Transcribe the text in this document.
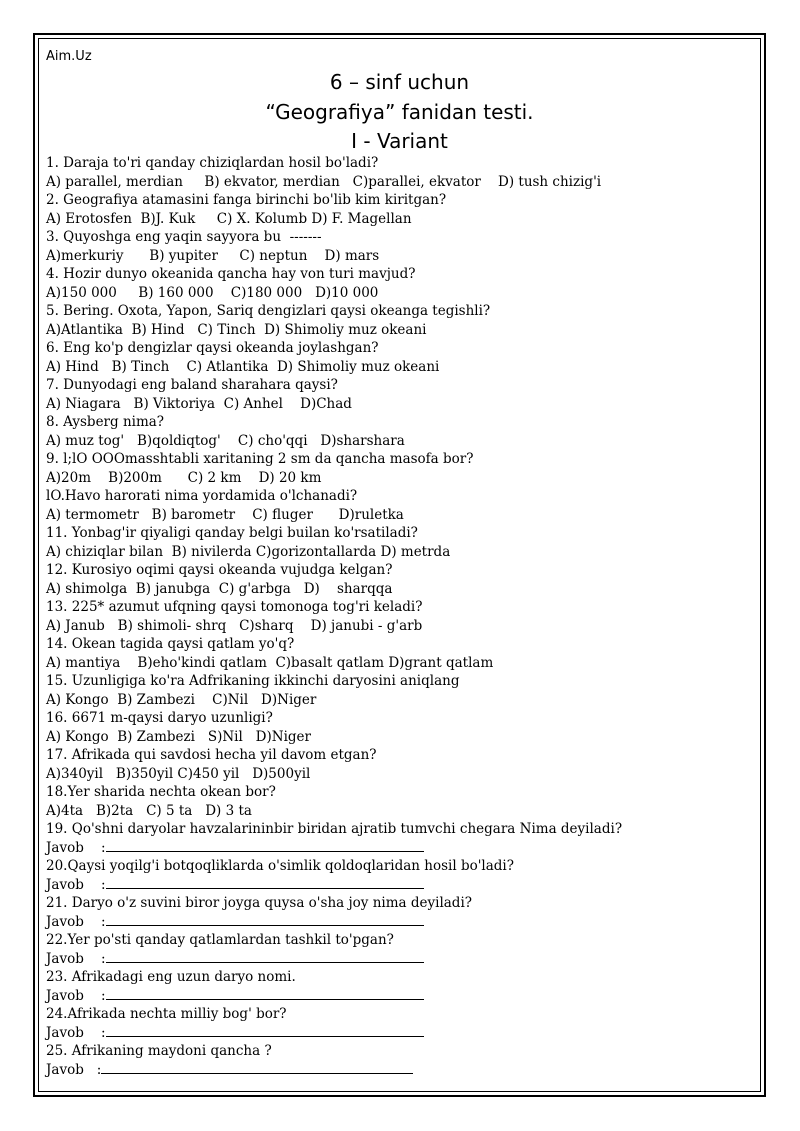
Aim.Uz
6 – sinf uchun
“Geografiya” fanidan testi.
I - Variant
1. Daraja to'ri qanday chiziqlardan hosil bo'ladi?
A) parallel, merdian     B) ekvator, merdian   C)parallei, ekvator    D) tush chizig'i
2. Geografiya atamasini fanga birinchi bo'lib kim kiritgan?
A) Erotosfen  B)J. Kuk     C) X. Kolumb D) F. Magellan
3. Quyoshga eng yaqin sayyora bu  -------
A)merkuriy      B) yupiter     C) neptun    D) mars
4. Hozir dunyo okeanida qancha hay von turi mavjud?
A)150 000     B) 160 000    C)180 000   D)10 000
5. Bering. Oxota, Yapon, Sariq dengizlari qaysi okeanga tegishli?
A)Atlantika  B) Hind   C) Tinch  D) Shimoliy muz okeani
6. Eng ko'p dengizlar qaysi okeanda joylashgan?
A) Hind   B) Tinch    C) Atlantika  D) Shimoliy muz okeani
7. Dunyodagi eng baland sharahara qaysi?
A) Niagara   B) Viktoriya  C) Anhel    D)Chad
8. Aysberg nima?
A) muz tog'   B)qoldiqtog'    C) cho'qqi   D)sharshara
9. l;lO OOOmasshtabli xaritaning 2 sm da qancha masofa bor?
A)20m    B)200m      C) 2 km    D) 20 km
lO.Havo harorati nima yordamida o'lchanadi?
A) termometr   B) barometr    C) fluger      D)ruletka
11. Yonbag'ir qiyaligi qanday belgi builan ko'rsatiladi?
A) chiziqlar bilan  B) nivilerda C)gorizontallarda D) metrda
12. Kurosiyo oqimi qaysi okeanda vujudga kelgan?
A) shimolga  B) janubga  C) g'arbga   D)    sharqqa
13. 225* azumut ufqning qaysi tomonoga tog'ri keladi?
A) Janub   B) shimoli- shrq   C)sharq    D) janubi - g'arb
14. Okean tagida qaysi qatlam yo'q?
A) mantiya    B)eho'kindi qatlam  C)basalt qatlam D)grant qatlam
15. Uzunligiga ko'ra Adfrikaning ikkinchi daryosini aniqlang
A) Kongo  B) Zambezi    C)Nil   D)Niger
16. 6671 m-qaysi daryo uzunligi?
A) Kongo  B) Zambezi   S)Nil   D)Niger
17. Afrikada qui savdosi hecha yil davom etgan?
A)340yil   B)350yil C)450 yil   D)500yil
18.Yer sharida nechta okean bor?
A)4ta   B)2ta   C) 5 ta   D) 3 ta
19. Qo'shni daryolar havzalarininbir biridan ajratib tumvchi chegara Nima deyiladi?
Javob    :
20.Qaysi yoqilg'i botqoqliklarda o'simlik qoldoqlaridan hosil bo'ladi?
Javob    :
21. Daryo o'z suvini biror joyga quysa o'sha joy nima deyiladi?
Javob    :
22.Yer po'sti qanday qatlamlardan tashkil to'pgan?
Javob    :
23. Afrikadagi eng uzun daryo nomi.
Javob    :
24.Afrikada nechta milliy bog' bor?
Javob    :
25. Afrikaning maydoni qancha ?
Javob   :
